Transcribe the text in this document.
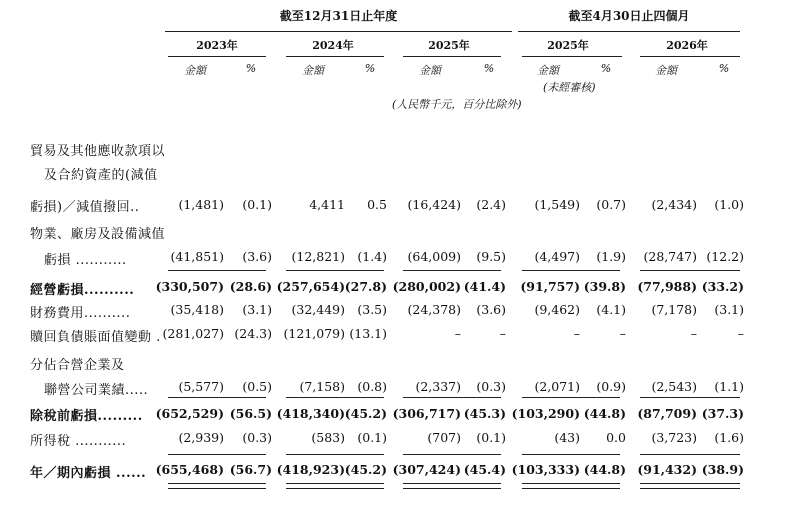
截至12月31日止年度	截至4月30日止四個月
2023年	2024年	2025年	2025年	2026年
金額	金額	金額	金額	金額
%	%	%	%	%
(未經審核)
(人民幣千元，百分比除外)
貿易及其他應收款項以
及合約資產的(減值
虧損)／減值撥回..	(1,481)	(0.1)	4,411	0.5	(16,424)	(2.4)	(1,549)	(0.7)	(2,434)	(1.0)
物業、廠房及設備減值
虧損 ...........	(41,851)	(3.6)	(12,821) (1.4)	(64,009)	(9.5)	(4,497)	(1.9)	(28,747) (12.2)
經營虧損..........	(330,507) (28.6) (257,654) (27.8) (280,002) (41.4)	(91,757) (39.8) (77,988) (33.2)
財務費用..........	(35,418)	(3.1)	(32,449) (3.5)	(24,378)	(3.6)	(9,462)	(4.1)	(7,178)	(3.1)
贖回負債賬面值變動 . (281,027) (24.3) (121,079) (13.1)	–	–	–	–	–	–
分佔合營企業及
聯營公司業績.....	(5,577)	(0.5)	(7,158) (0.8)	(2,337)	(0.3)	(2,071)	(0.9)	(2,543)	(1.1)
除稅前虧損.........	(652,529) (56.5) (418,340) (45.2) (306,717) (45.3) (103,290) (44.8) (87,709) (37.3)
所得稅 ...........	(2,939)	(0.3)	(583) (0.1)	(707)	(0.1)	(43)	0.0	(3,723)	(1.6)
年／期內虧損 ...... (655,468) (56.7) (418,923) (45.2) (307,424) (45.4) (103,333) (44.8) (91,432) (38.9)
